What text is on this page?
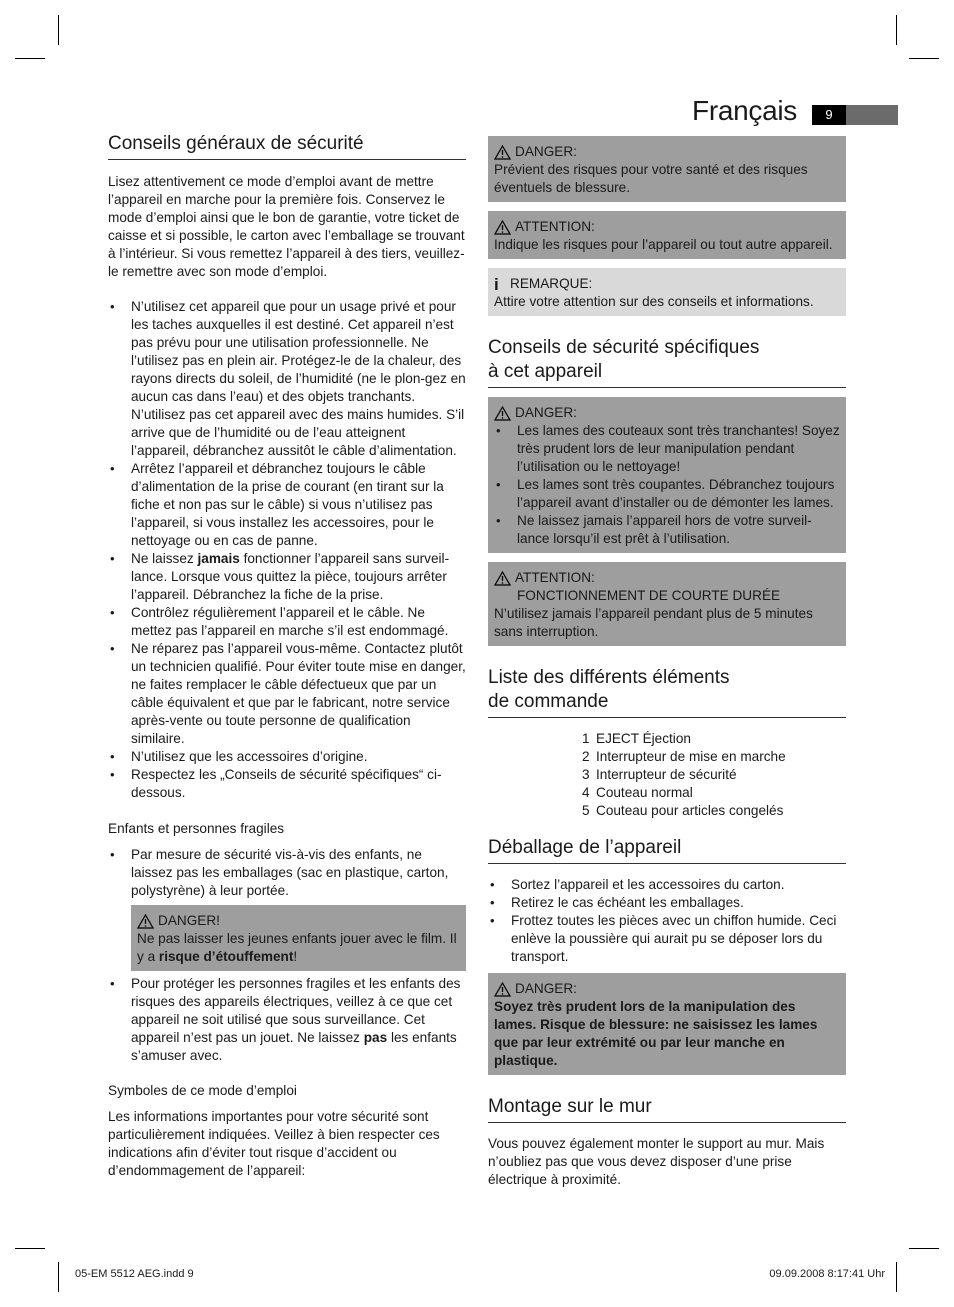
Français	9
Conseils généraux de sécurité

Lisez attentivement ce mode d’emploi avant de mettre l’appareil en marche pour la première fois. Conservez le mode d’emploi ainsi que le bon de garantie, votre ticket de caisse et si possible, le carton avec l’emballage se trouvant à l’intérieur. Si vous remettez l’appareil à des tiers, veuillez-le remettre avec son mode d’emploi.

• N’utilisez cet appareil que pour un usage privé et pour les taches auxquelles il est destiné. Cet appareil n’est pas prévu pour une utilisation professionnelle. Ne l’utilisez pas en plein air. Protégez-le de la chaleur, des rayons directs du soleil, de l’humidité (ne le plon-gez en aucun cas dans l’eau) et des objets tranchants. N’utilisez pas cet appareil avec des mains humides. S’il arrive que de l’humidité ou de l’eau atteignent l’appareil, débranchez aussitôt le câble d’alimentation.
• Arrêtez l’appareil et débranchez toujours le câble d’alimentation de la prise de courant (en tirant sur la fiche et non pas sur le câble) si vous n’utilisez pas l’appareil, si vous installez les accessoires, pour le nettoyage ou en cas de panne.
• Ne laissez jamais fonctionner l’appareil sans surveil-lance. Lorsque vous quittez la pièce, toujours arrêter l’appareil. Débranchez la fiche de la prise.
• Contrôlez régulièrement l’appareil et le câble. Ne mettez pas l’appareil en marche s’il est endommagé.
• Ne réparez pas l’appareil vous-même. Contactez plutôt un technicien qualifié. Pour éviter toute mise en danger, ne faites remplacer le câble défectueux que par un câble équivalent et que par le fabricant, notre service après-vente ou toute personne de qualification similaire.
• N’utilisez que les accessoires d’origine.
• Respectez les „Conseils de sécurité spécifiques“ ci-dessous.
Enfants et personnes fragiles
• Par mesure de sécurité vis-à-vis des enfants, ne laissez pas les emballages (sac en plastique, carton, polystyrène) à leur portée.
DANGER!

Ne pas laisser les jeunes enfants jouer avec le film. Il y a risque d’étouffement!

• Pour protéger les personnes fragiles et les enfants des risques des appareils électriques, veillez à ce que cet appareil ne soit utilisé que sous surveillance. Cet appareil n’est pas un jouet. Ne laissez pas les enfants s’amuser avec.
Symboles de ce mode d’emploi

Les informations importantes pour votre sécurité sont particulièrement indiquées. Veillez à bien respecter ces indications afin d’éviter tout risque d’accident ou d’endommagement de l’appareil:

DANGER:

Prévient des risques pour votre santé et des risques éventuels de blessure.

ATTENTION:

Indique les risques pour l’appareil ou tout autre appareil.

i REMARQUE:

Attire votre attention sur des conseils et informations.

Conseils de sécurité spécifiques
à cet appareil
DANGER:
• Les lames des couteaux sont très tranchantes! Soyez très prudent lors de leur manipulation pendant l’utilisation ou le nettoyage!
• Les lames sont très coupantes. Débranchez toujours l’appareil avant d’installer ou de démonter les lames.
• Ne laissez jamais l’appareil hors de votre surveil-lance lorsqu’il est prêt à l’utilisation.
ATTENTION:

FONCTIONNEMENT DE COURTE DURÉE

N’utilisez jamais l’appareil pendant plus de 5 minutes sans interruption.

Liste des différents éléments
de commande
1 EJECT Éjection
2 Interrupteur de mise en marche
3 Interrupteur de sécurité
4 Couteau normal
5 Couteau pour articles congelés
Déballage de l’appareil
• Sortez l’appareil et les accessoires du carton.
• Retirez le cas échéant les emballages.
• Frottez toutes les pièces avec un chiffon humide. Ceci enlève la poussière qui aurait pu se déposer lors du transport.
DANGER:

Soyez très prudent lors de la manipulation des lames. Risque de blessure: ne saisissez les lames que par leur extrémité ou par leur manche en plastique.

Montage sur le mur

Vous pouvez également monter le support au mur. Mais n’oubliez pas que vous devez disposer d’une prise électrique à proximité.

05-EM 5512 AEG.indd 9	09.09.2008 8:17:41 Uhr
